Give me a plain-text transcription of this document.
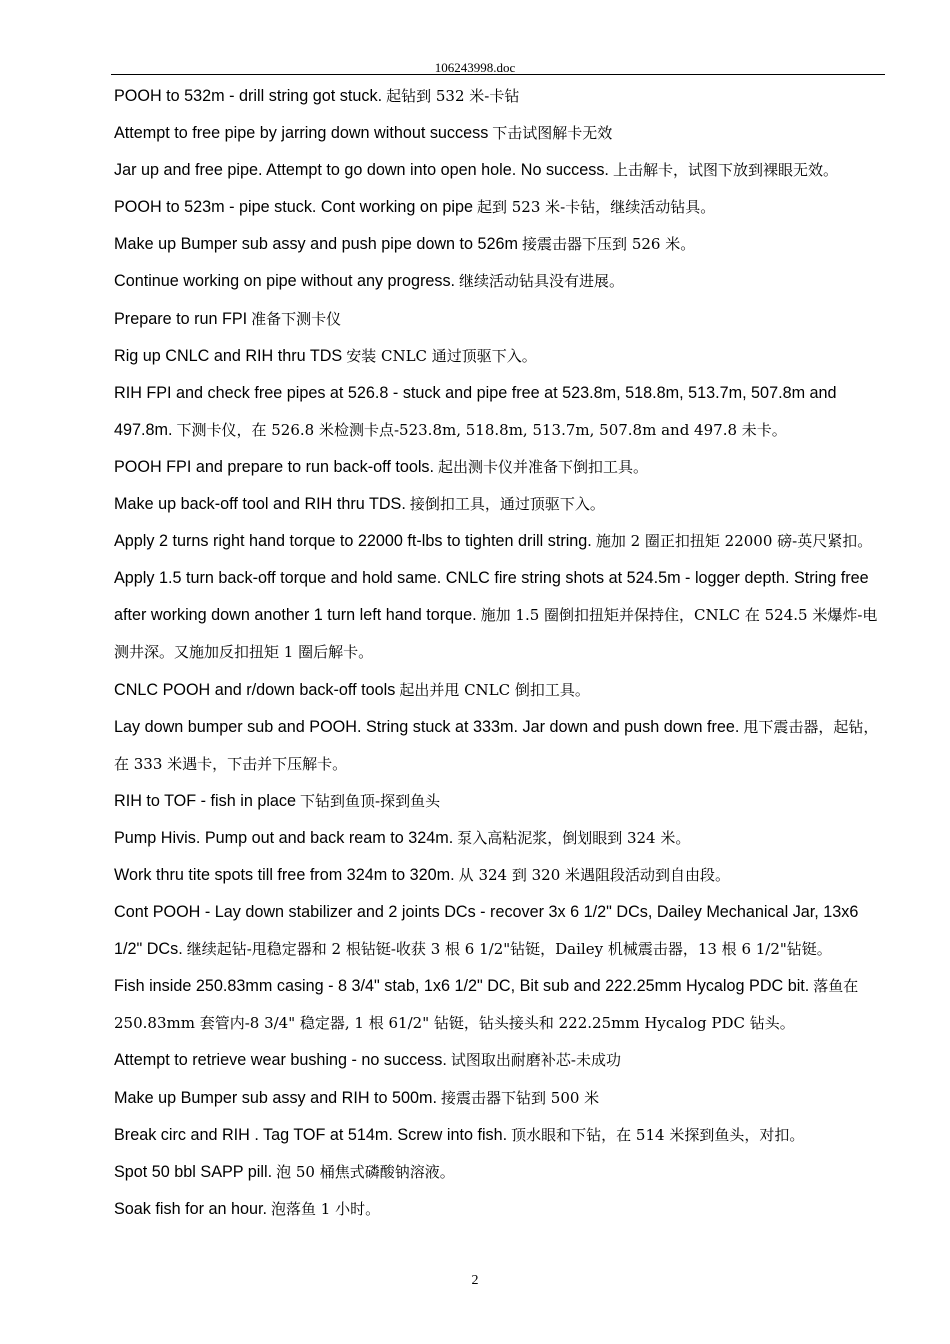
106243998.doc

POOH to 532m - drill string got stuck. 起钻到 532 米-卡钻

Attempt to free pipe by jarring down without success 下击试图解卡无效

Jar up and free pipe. Attempt to go down into open hole. No success. 上击解卡，试图下放到裸眼无效。

POOH to 523m - pipe stuck. Cont working on pipe 起到 523 米-卡钻，继续活动钻具。

Make up Bumper sub assy and push pipe down to 526m 接震击器下压到 526 米。

Continue working on pipe without any progress. 继续活动钻具没有进展。

Prepare to run FPI 准备下测卡仪

Rig up CNLC and RIH thru TDS 安装 CNLC 通过顶驱下入。

RIH FPI and check free pipes at 526.8 - stuck and pipe free at 523.8m, 518.8m, 513.7m, 507.8m and 497.8m. 下测卡仪，在 526.8 米检测卡点-523.8m, 518.8m, 513.7m, 507.8m and 497.8 未卡。

POOH FPI and prepare to run back-off tools. 起出测卡仪并准备下倒扣工具。

Make up back-off tool and RIH thru TDS. 接倒扣工具，通过顶驱下入。

Apply 2 turns right hand torque to 22000 ft-lbs to tighten drill string. 施加 2 圈正扣扭矩 22000 磅-英尺紧扣。

Apply 1.5 turn back-off torque and hold same. CNLC fire string shots at 524.5m - logger depth. String free after working down another 1 turn left hand torque. 施加 1.5 圈倒扣扭矩并保持住，CNLC 在 524.5 米爆炸-电测井深。又施加反扣扭矩 1 圈后解卡。

CNLC POOH and r/down back-off tools 起出并甩 CNLC 倒扣工具。

Lay down bumper sub and POOH. String stuck at 333m. Jar down and push down free. 甩下震击器，起钻，在 333 米遇卡，下击并下压解卡。

RIH to TOF - fish in place 下钻到鱼顶-探到鱼头

Pump Hivis. Pump out and back ream to 324m. 泵入高粘泥浆，倒划眼到 324 米。

Work thru tite spots till free from 324m to 320m. 从 324 到 320 米遇阻段活动到自由段。

Cont POOH - Lay down stabilizer and 2 joints DCs - recover 3x 6 1/2" DCs, Dailey Mechanical Jar, 13x6 1/2" DCs. 继续起钻-甩稳定器和 2 根钻铤-收获 3 根 6 1/2"钻铤，Dailey 机械震击器，13 根 6 1/2"钻铤。

Fish inside 250.83mm casing - 8 3/4" stab, 1x6 1/2" DC, Bit sub and 222.25mm Hycalog PDC bit. 落鱼在 250.83mm 套管内-8 3/4" 稳定器, 1 根 61/2" 钻铤，钻头接头和 222.25mm Hycalog PDC 钻头。

Attempt to retrieve wear bushing - no success. 试图取出耐磨补芯-未成功

Make up Bumper sub assy and RIH to 500m. 接震击器下钻到 500 米

Break circ and RIH . Tag TOF at 514m. Screw into fish. 顶水眼和下钻，在 514 米探到鱼头，对扣。

Spot 50 bbl SAPP pill. 泡 50 桶焦式磷酸钠溶液。

Soak fish for an hour. 泡落鱼 1 小时。

2
